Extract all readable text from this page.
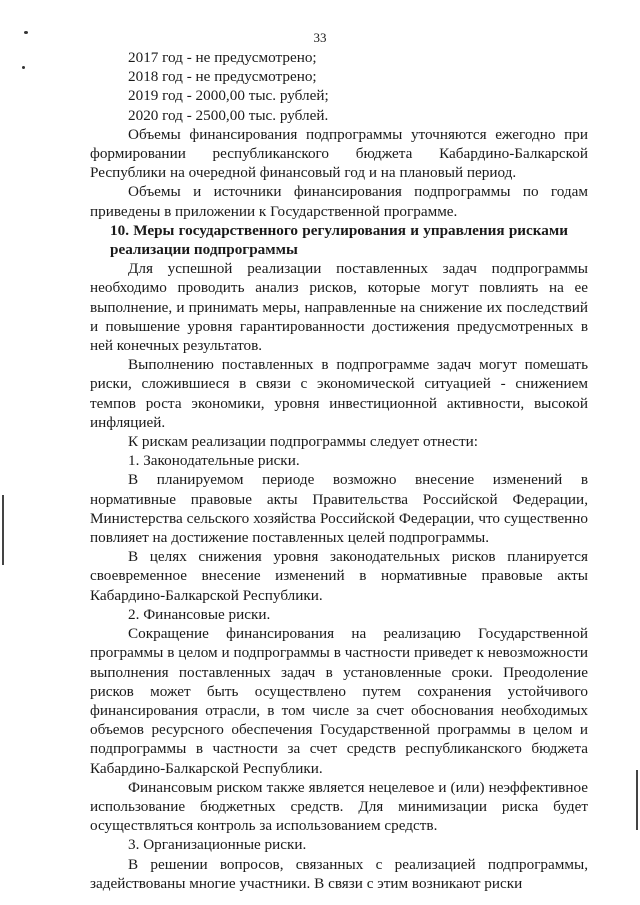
33
2017 год - не предусмотрено;
2018 год - не предусмотрено;
2019 год - 2000,00 тыс. рублей;
2020 год - 2500,00 тыс. рублей.

Объемы финансирования подпрограммы уточняются ежегодно при формировании республиканского бюджета Кабардино-Балкарской Республики на очередной финансовый год и на плановый период.

Объемы и источники финансирования подпрограммы по годам приведены в приложении к Государственной программе.

10. Меры государственного регулирования и управления рисками реализации подпрограммы

Для успешной реализации поставленных задач подпрограммы необходимо проводить анализ рисков, которые могут повлиять на ее выполнение, и принимать меры, направленные на снижение их последствий и повышение уровня гарантированности достижения предусмотренных в ней конечных результатов.

Выполнению поставленных в подпрограмме задач могут помешать риски, сложившиеся в связи с экономической ситуацией - снижением темпов роста экономики, уровня инвестиционной активности, высокой инфляцией.

К рискам реализации подпрограммы следует отнести:

1. Законодательные риски.

В планируемом периоде возможно внесение изменений в нормативные правовые акты Правительства Российской Федерации, Министерства сельского хозяйства Российской Федерации, что существенно повлияет на достижение поставленных целей подпрограммы.

В целях снижения уровня законодательных рисков планируется своевременное внесение изменений в нормативные правовые акты Кабардино-Балкарской Республики.

2. Финансовые риски.

Сокращение финансирования на реализацию Государственной программы в целом и подпрограммы в частности приведет к невозможности выполнения поставленных задач в установленные сроки. Преодоление рисков может быть осуществлено путем сохранения устойчивого финансирования отрасли, в том числе за счет обоснования необходимых объемов ресурсного обеспечения Государственной программы в целом и подпрограммы в частности за счет средств республиканского бюджета Кабардино-Балкарской Республики.

Финансовым риском также является нецелевое и (или) неэффективное использование бюджетных средств. Для минимизации риска будет осуществляться контроль за использованием средств.

3. Организационные риски.

В решении вопросов, связанных с реализацией подпрограммы, задействованы многие участники. В связи с этим возникают риски
